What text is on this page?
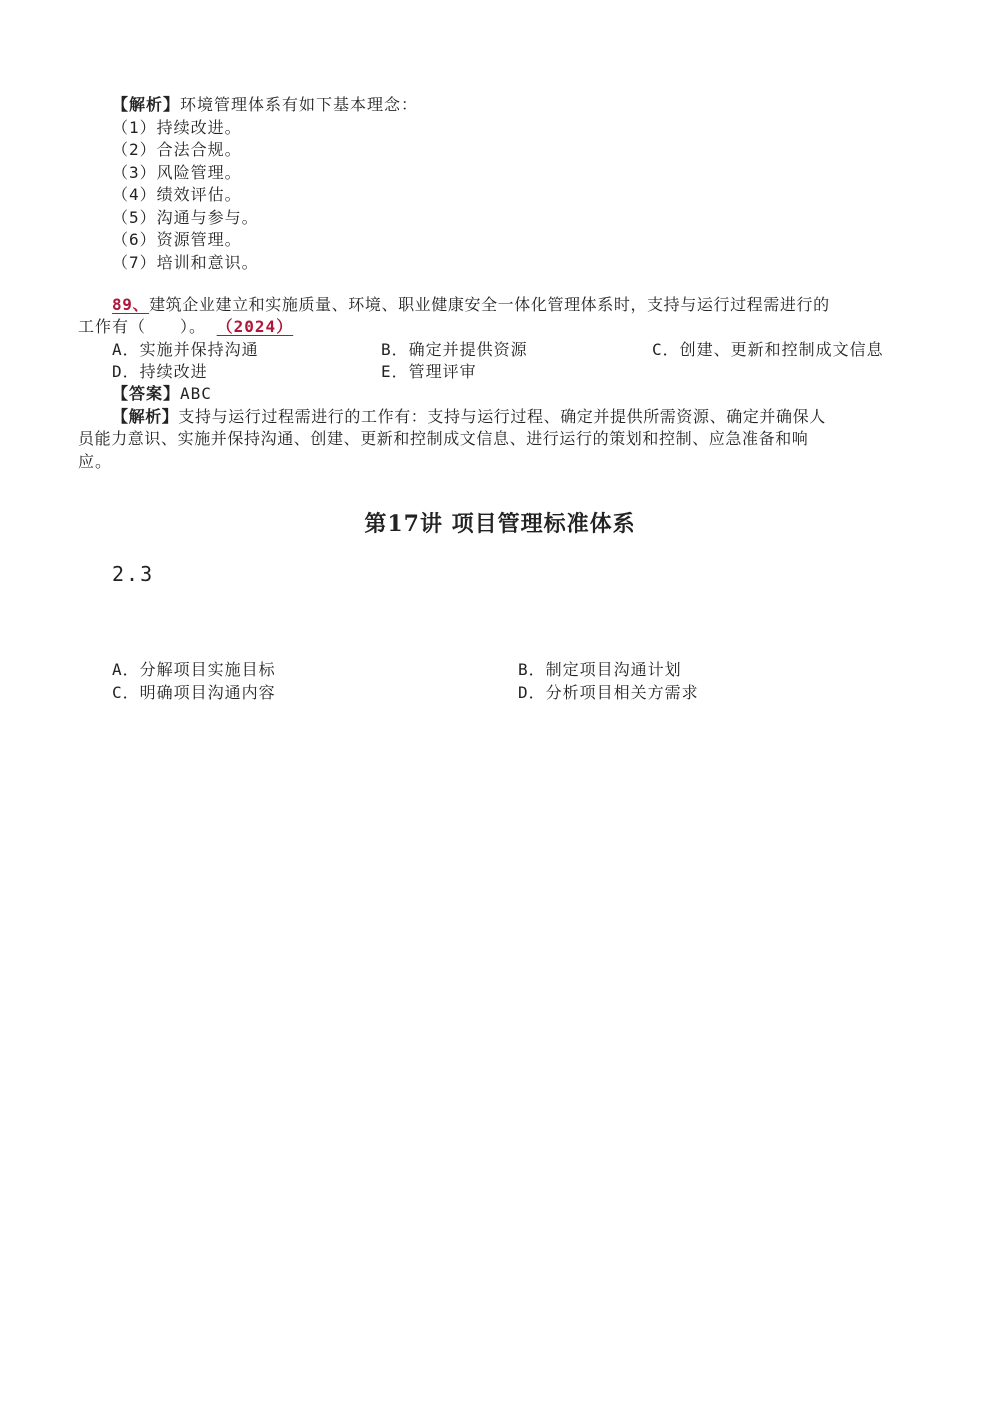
【解析】环境管理体系有如下基本理念：
（1）持续改进。
（2）合法合规。
（3）风险管理。
（4）绩效评估。
（5）沟通与参与。
（6）资源管理。
（7）培训和意识。
89、建筑企业建立和实施质量、环境、职业健康安全一体化管理体系时，支持与运行过程需进行的
工作有（　　）。 （2024）
A．实施并保持沟通	B．确定并提供资源	C．创建、更新和控制成文信息
D．持续改进	E．管理评审
【答案】ABC
【解析】支持与运行过程需进行的工作有：支持与运行过程、确定并提供所需资源、确定并确保人
员能力意识、实施并保持沟通、创建、更新和控制成文信息、进行运行的策划和控制、应急准备和响
应。
第17讲 项目管理标准体系
2.3
A．分解项目实施目标	B．制定项目沟通计划
C．明确项目沟通内容	D．分析项目相关方需求
